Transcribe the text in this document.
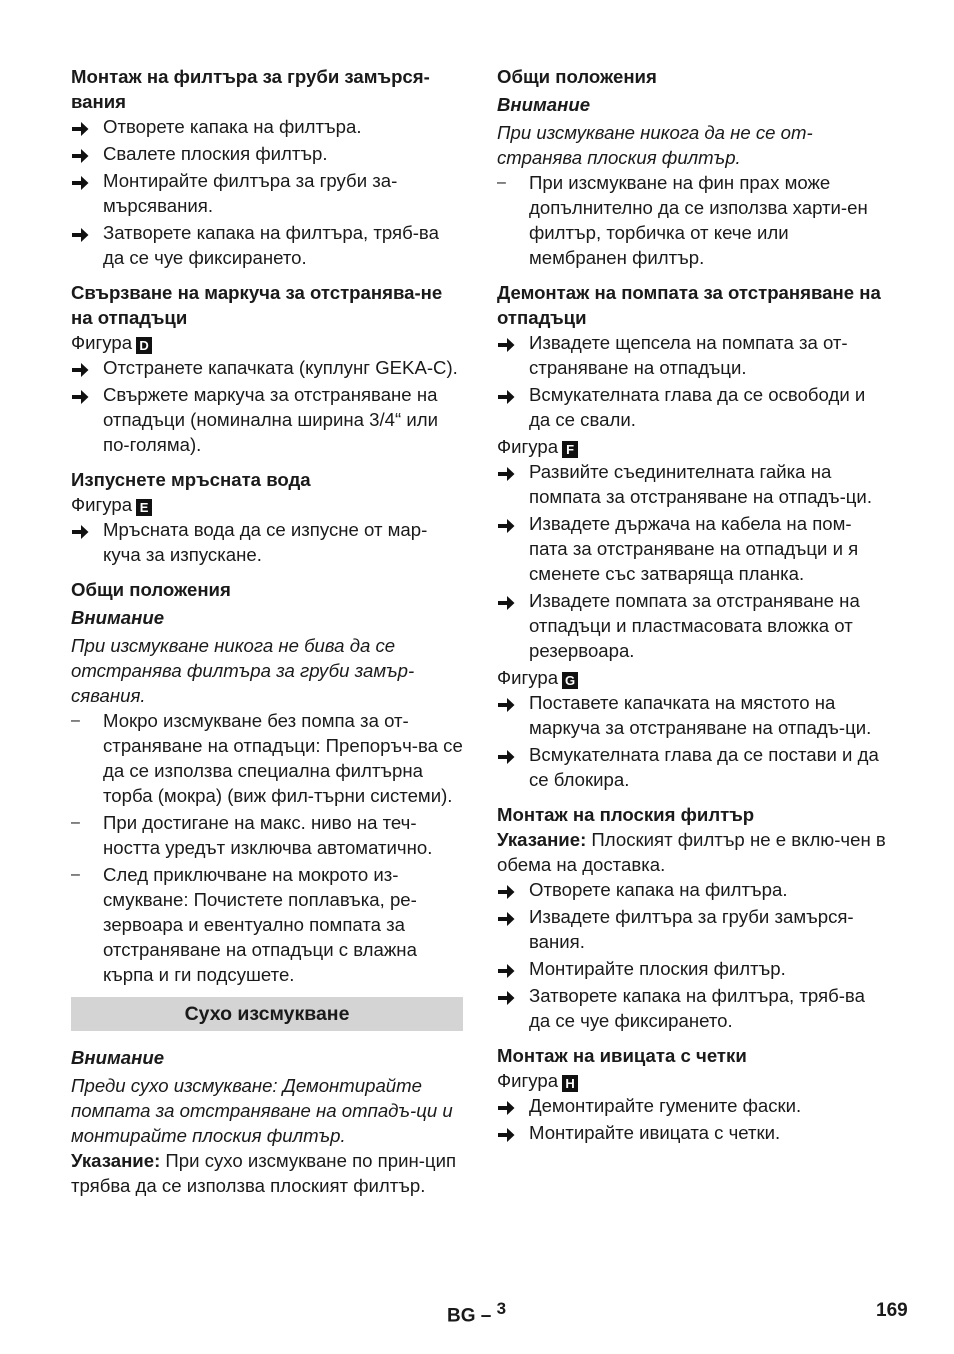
Монтаж на филтъра за груби замърся-вания
Отворете капака на филтъра.
Свалете плоския филтър.
Монтирайте филтъра за груби за-мърсявания.
Затворете капака на филтъра, тряб-ва да се чуе фиксирането.
Свързване на маркуча за отстранява-не на отпадъци

Фигура D

Отстранете капачката (куплунг GEKA-C).
Свържете маркуча за отстраняване на отпадъци (номинална ширина 3/4“ или по-голяма).
Изпуснете мръсната вода

Фигура E

Мръсната вода да се изпусне от мар-куча за изпускане.
Общи положения

Внимание

При изсмукване никога не бива да се отстранява филтъра за груби замър-сявания.

–	Мокро изсмукване без помпа за от-страняване на отпадъци: Препоръч-ва се да се използва специална филтърна торба (мокра) (виж фил-търни системи).
–	При достигане на макс. ниво на теч-ността уредът изключва автоматично.
–	След приключване на мокрото из-смукване: Почистете поплавъка, ре-зервоара и евентуално помпата за отстраняване на отпадъци с влажна кърпа и ги подсушете.
Сухо изсмукване

Внимание

Преди сухо изсмукване: Демонтирайте помпата за отстраняване на отпадъ-ци и монтирайте плоския филтър.

Указание: При сухо изсмукване по прин-цип трябва да се използва плоският филтър.

Общи положения

Внимание

При изсмукване никога да не се от-странява плоския филтър.

–	При изсмукване на фин прах може допълнително да се използва харти-ен филтър, торбичка от кече или мембранен филтър.
Демонтаж на помпата за отстраняване на отпадъци
Извадете щепсела на помпата за от-страняване на отпадъци.
Всмукателната глава да се освободи и да се свали.

Фигура F

Развийте съединителната гайка на помпата за отстраняване на отпадъ-ци.
Извадете държача на кабела на пом-пата за отстраняване на отпадъци и я сменете със затваряща планка.
Извадете помпата за отстраняване на отпадъци и пластмасовата вложка от резервоара.

Фигура G

Поставете капачката на мястото на маркуча за отстраняване на отпадъ-ци.
Всмукателната глава да се постави и да се блокира.
Монтаж на плоския филтър

Указание: Плоският филтър не е вклю-чен в обема на доставка.

Отворете капака на филтъра.
Извадете филтъра за груби замърся-вания.
Монтирайте плоския филтър.
Затворете капака на филтъра, тряб-ва да се чуе фиксирането.
Монтаж на ивицата с четки

Фигура H

Демонтирайте гумените фаски.
Монтирайте ивицата с четки.
BG – $^3$	169
